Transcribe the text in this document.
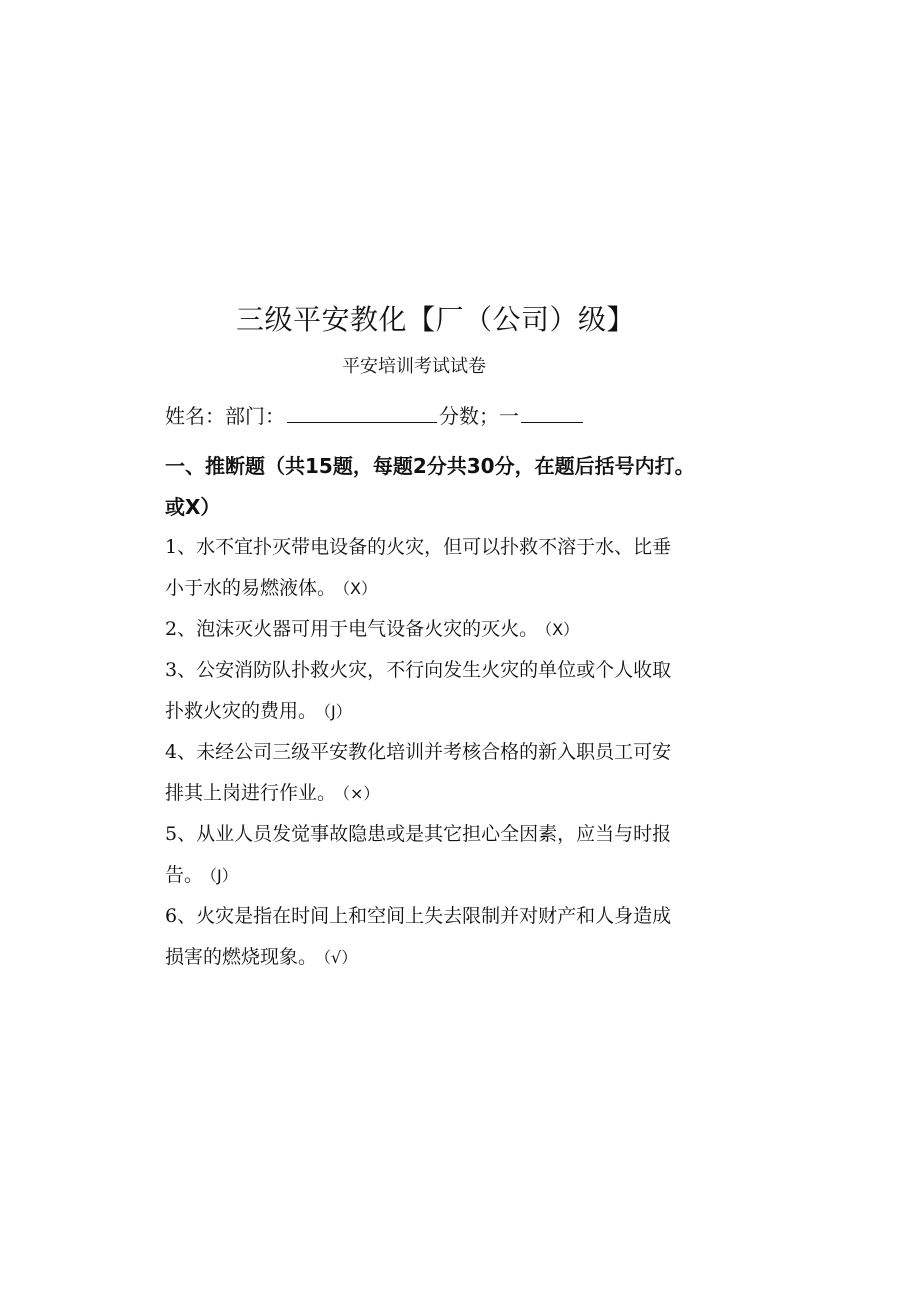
三级平安教化【厂（公司）级】
平安培训考试试卷
姓名：部门：	分数；一
一、推断题（共15题，每题2分共30分，在题后括号内打。或X）

1、水不宜扑灭带电设备的火灾，但可以扑救不溶于水、比垂小于水的易燃液体。 （X）

2、泡沫灭火器可用于电气设备火灾的灭火。 （X）

3、公安消防队扑救火灾，不行向发生火灾的单位或个人收取扑救火灾的费用。 （J）

4、未经公司三级平安教化培训并考核合格的新入职员工可安排其上岗进行作业。 （×）

5、从业人员发觉事故隐患或是其它担心全因素，应当与时报告。 （J）

6、火灾是指在时间上和空间上失去限制并对财产和人身造成损害的燃烧现象。 （√）
